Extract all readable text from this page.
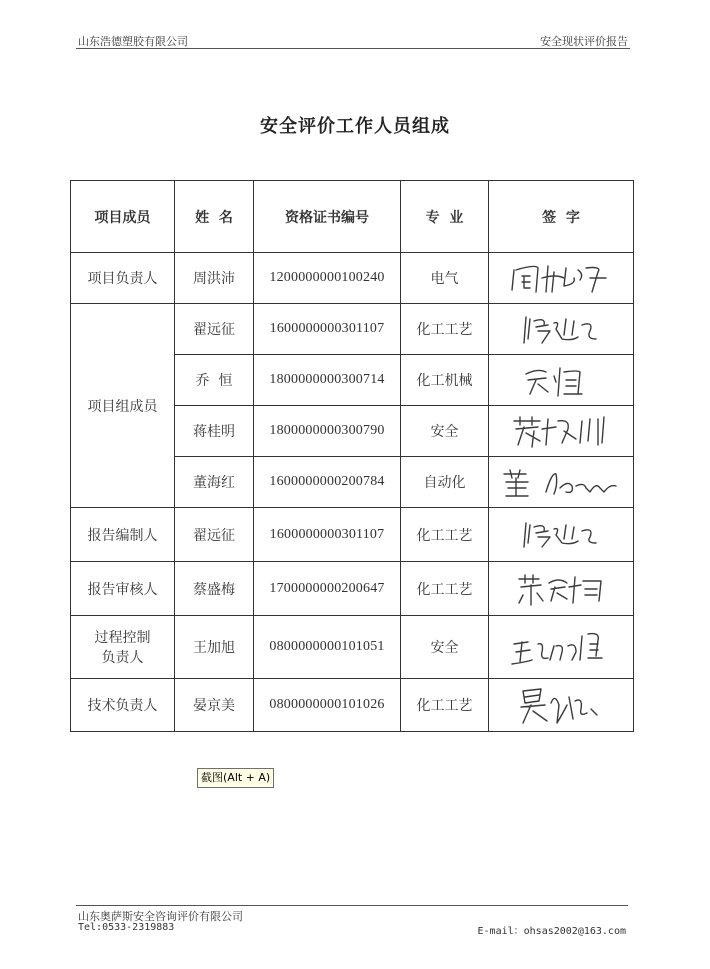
山东浩德塑胶有限公司	安全现状评价报告
安全评价工作人员组成
项目成员	姓  名	资格证书编号	专  业	签  字
项目负责人	周洪沛	1200000000100240	电气	

项目组成员	翟远征	1600000000301107	化工工艺	

	乔  恒	1800000000300714	化工机械	

	蒋桂明	1800000000300790	安全	

	董海红	1600000000200784	自动化	

报告编制人	翟远征	1600000000301107	化工工艺	

报告审核人	蔡盛梅	1700000000200647	化工工艺	

过程控制
负责人	王加旭	0800000000101051	安全	

技术负责人	晏京美	0800000000101026	化工工艺	
截图(Alt + A)
山东奥萨斯安全咨询评价有限公司
Tel:0533-2319883	E-mail：ohsas2002@163.com
